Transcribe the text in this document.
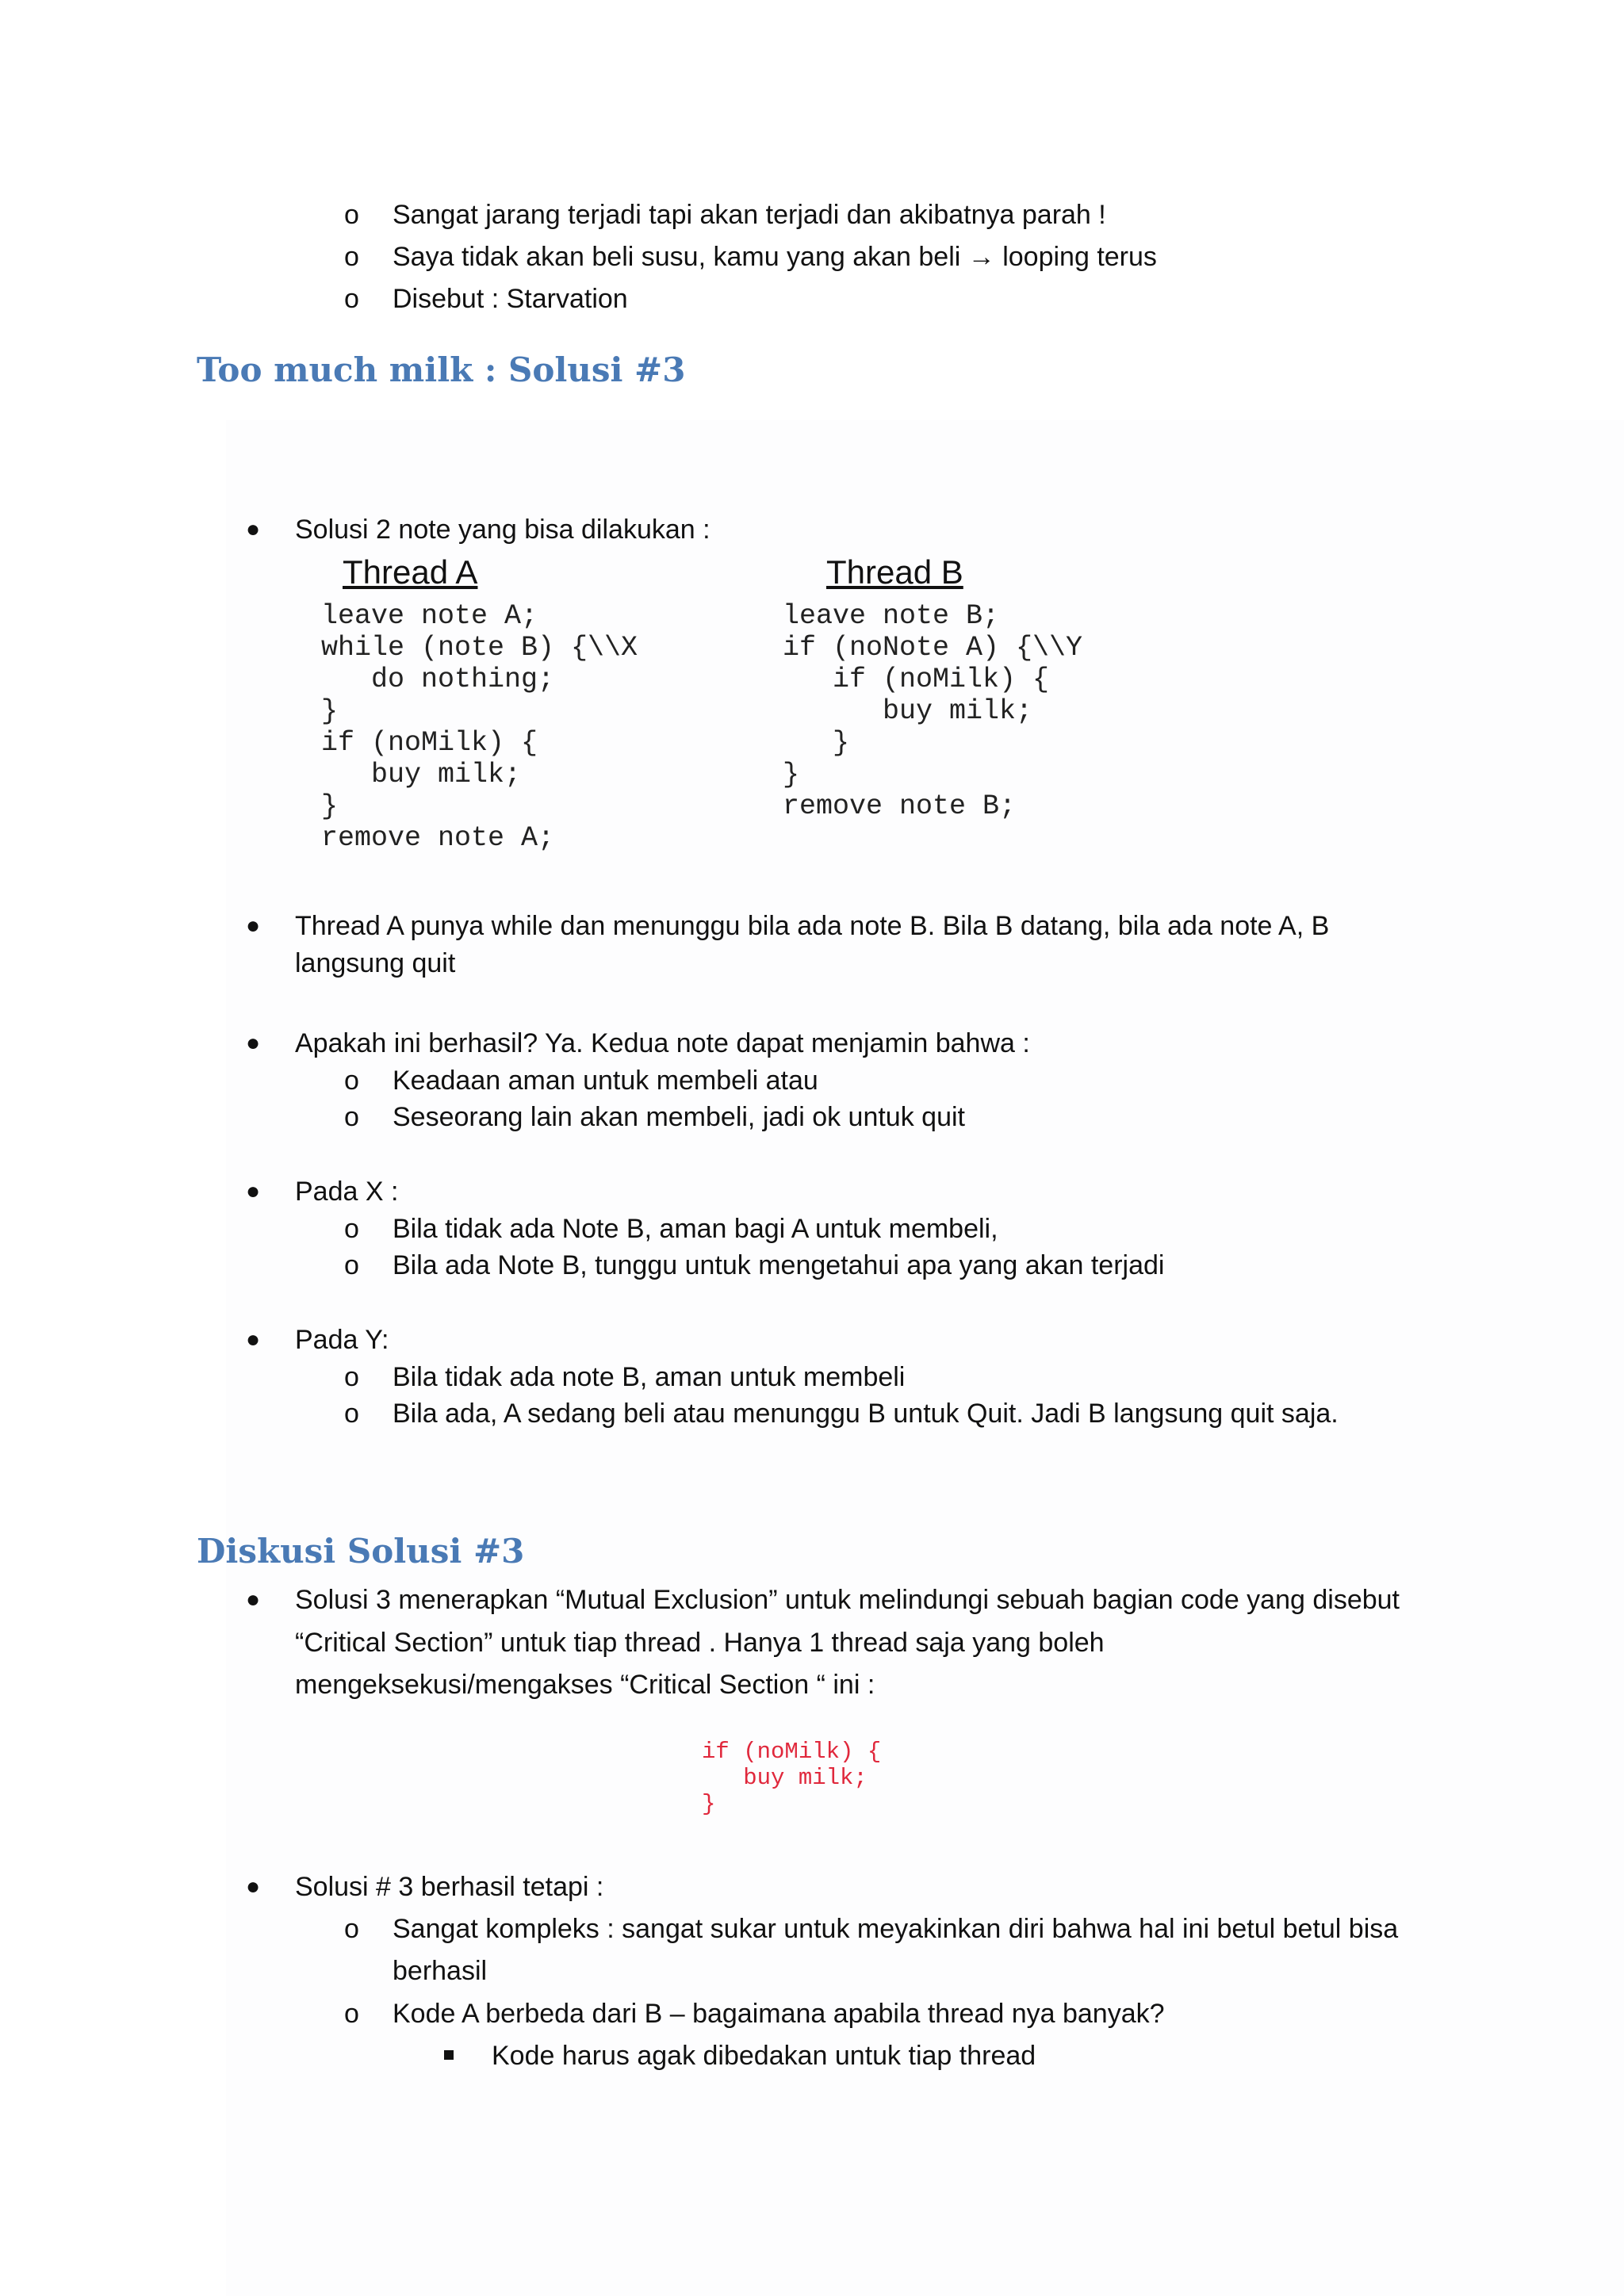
o Sangat jarang terjadi tapi akan terjadi dan akibatnya parah !
o Saya tidak akan beli susu, kamu yang akan beli → looping terus
o Disebut : Starvation
Too much milk : Solusi #3
● Solusi 2 note yang bisa dilakukan :
Thread A
leave note A;
while (note B) {\\X
do nothing;
}
if (noMilk) {
buy milk;
}
remove note A;
Thread B
leave note B;
if (noNote A) {\\Y
if (noMilk) {
buy milk;
}
}
remove note B;
● Thread A punya while dan menunggu bila ada note B. Bila B datang, bila ada note A, B
langsung quit
● Apakah ini berhasil? Ya. Kedua note dapat menjamin bahwa :
o Keadaan aman untuk membeli atau
o Seseorang lain akan membeli, jadi ok untuk quit
● Pada X :
o Bila tidak ada Note B, aman bagi A untuk membeli,
o Bila ada Note B, tunggu untuk mengetahui apa yang akan terjadi
● Pada Y:
o Bila tidak ada note B, aman untuk membeli
o Bila ada, A sedang beli atau menunggu B untuk Quit. Jadi B langsung quit saja.
Diskusi Solusi #3
● Solusi 3 menerapkan “Mutual Exclusion” untuk melindungi sebuah bagian code yang disebut
“Critical Section” untuk tiap thread . Hanya 1 thread saja yang boleh
mengeksekusi/mengakses “Critical Section “ ini :
if (noMilk) {
buy milk;
}
● Solusi # 3 berhasil tetapi :
o Sangat kompleks : sangat sukar untuk meyakinkan diri bahwa hal ini betul betul bisa
berhasil
o Kode A berbeda dari B – bagaimana apabila thread nya banyak?
Kode harus agak dibedakan untuk tiap thread
